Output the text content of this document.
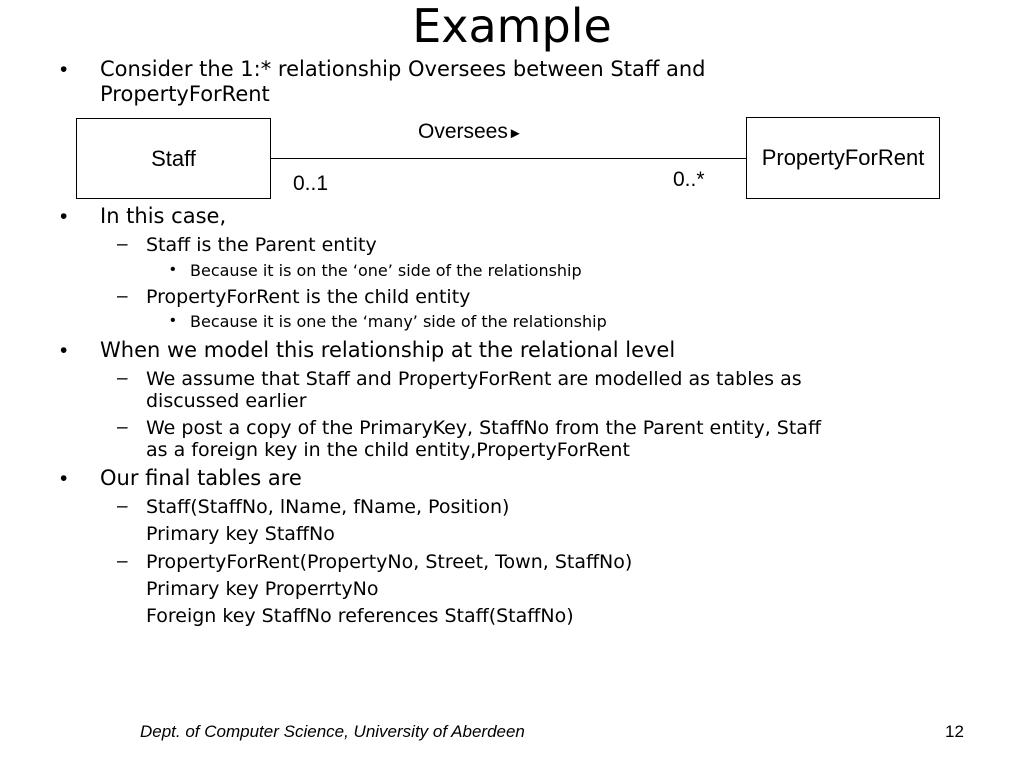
Example
• Consider the 1:* relationship Oversees between Staff and
PropertyForRent
Staff	PropertyForRent
Oversees►
0..1	0..*
• In this case,
– Staff is the Parent entity
• Because it is on the ‘one’ side of the relationship
– PropertyForRent is the child entity
• Because it is one the ‘many’ side of the relationship
• When we model this relationship at the relational level
– We assume that Staff and PropertyForRent are modelled as tables as
discussed earlier
– We post a copy of the PrimaryKey, StaffNo from the Parent entity, Staff
as a foreign key in the child entity,PropertyForRent
• Our final tables are
– Staff(StaffNo, lName, fName, Position)
Primary key StaffNo
– PropertyForRent(PropertyNo, Street, Town, StaffNo)
Primary key ProperrtyNo
Foreign key StaffNo references Staff(StaffNo)
Dept. of Computer Science, University of Aberdeen	12
